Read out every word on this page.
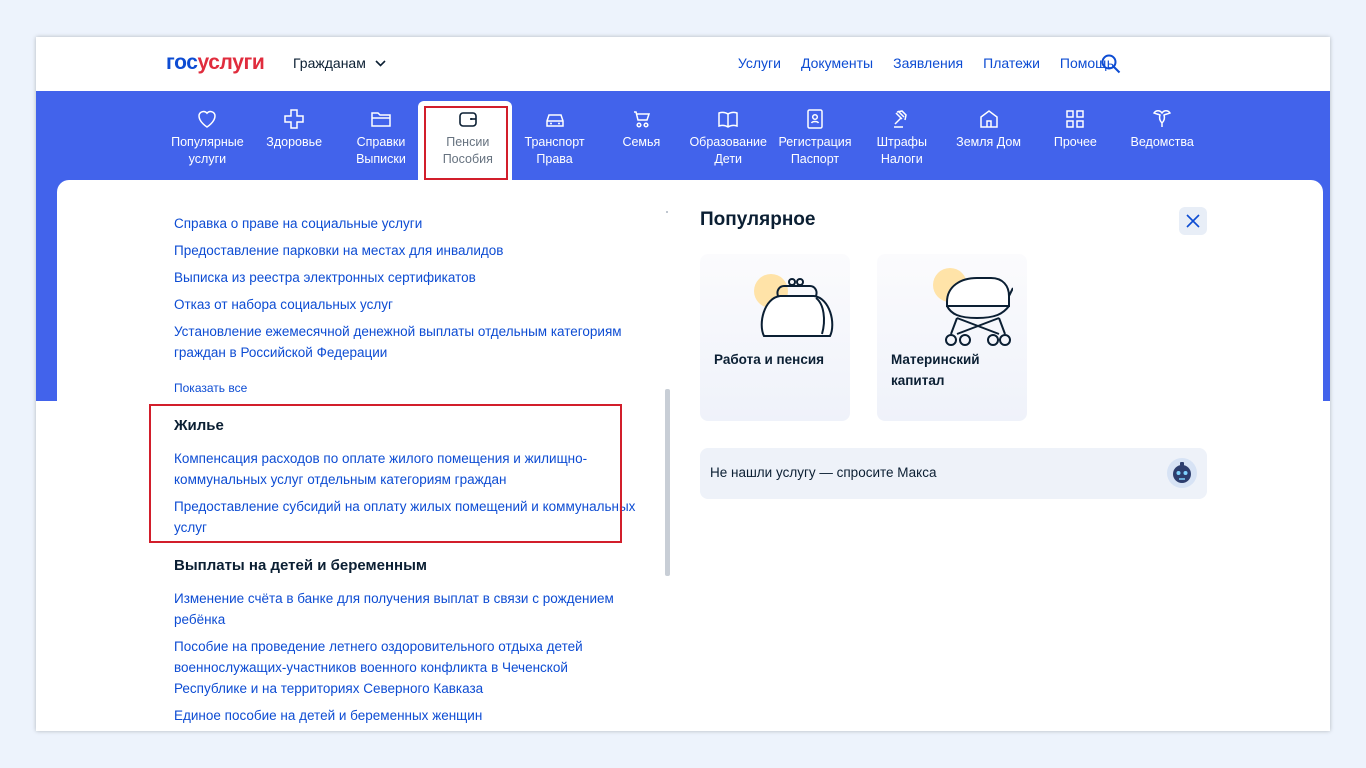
госуслуги Гражданам	Услуги Документы Заявления Платежи Помощь
Популярные
услуги
Здоровье	Справки
Выписки
Пенсии
Пособия
Транспорт
Права
Семья Образование
Дети
Регистрация
Паспорт
Штрафы
Налоги
Земля Дом	Прочее	Ведомства
Справка о праве на социальные услуги
Предоставление парковки на местах для инвалидов
Выписка из реестра электронных сертификатов
Отказ от набора социальных услуг
Установление ежемесячной денежной выплаты отдельным категориям граждан в Российской Федерации
Показать все
Жилье
Компенсация расходов по оплате жилого помещения и жилищно-коммунальных услуг отдельным категориям граждан
Предоставление субсидий на оплату жилых помещений и коммунальных услуг
Выплаты на детей и беременным
Изменение счёта в банке для получения выплат в связи с рождением ребёнка
Пособие на проведение летнего оздоровительного отдыха детей военнослужащих-участников военного конфликта в Чеченской Республике и на территориях Северного Кавказа
Единое пособие на детей и беременных женщин
Популярное
Работа и пенсия	Материнский капитал
Не нашли услугу — спросите Макса
